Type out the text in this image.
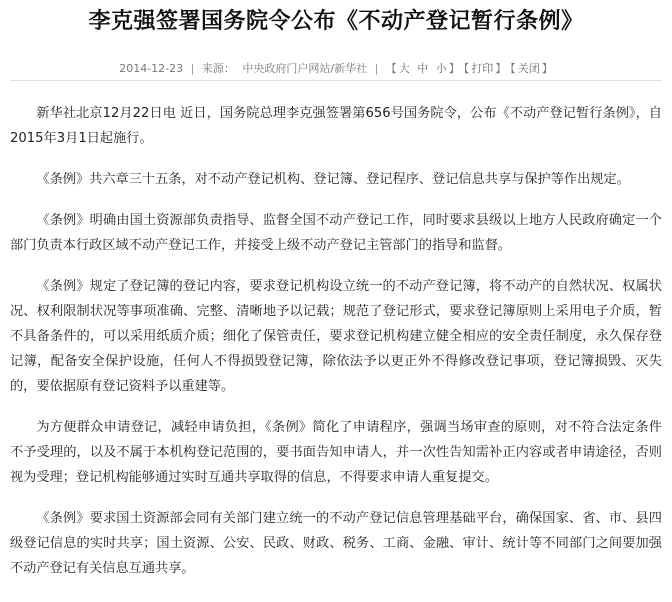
李克强签署国务院令公布《不动产登记暂行条例》
2014-12-23 | 来源： 中央政府门户网站/新华社 | 【 大 中 小 】 【 打印 】 【 关闭 】

新华社北京12月22日电 近日，国务院总理李克强签署第656号国务院令，公布《不动产登记暂行条例》，自2015年3月1日起施行。

《条例》共六章三十五条，对不动产登记机构、登记簿、登记程序、登记信息共享与保护等作出规定。

《条例》明确由国土资源部负责指导、监督全国不动产登记工作，同时要求县级以上地方人民政府确定一个部门负责本行政区域不动产登记工作，并接受上级不动产登记主管部门的指导和监督。

《条例》规定了登记簿的登记内容，要求登记机构设立统一的不动产登记簿，将不动产的自然状况、权属状况、权利限制状况等事项准确、完整、清晰地予以记载；规范了登记形式，要求登记簿原则上采用电子介质，暂不具备条件的，可以采用纸质介质；细化了保管责任，要求登记机构建立健全相应的安全责任制度，永久保存登记簿，配备安全保护设施，任何人不得损毁登记簿，除依法予以更正外不得修改登记事项，登记簿损毁、灭失的，要依据原有登记资料予以重建等。

为方便群众申请登记，减轻申请负担，《条例》简化了申请程序，强调当场审查的原则，对不符合法定条件不予受理的，以及不属于本机构登记范围的，要书面告知申请人，并一次性告知需补正内容或者申请途径，否则视为受理；登记机构能够通过实时互通共享取得的信息，不得要求申请人重复提交。

《条例》要求国土资源部会同有关部门建立统一的不动产登记信息管理基础平台，确保国家、省、市、县四级登记信息的实时共享；国土资源、公安、民政、财政、税务、工商、金融、审计、统计等不同部门之间要加强不动产登记有关信息互通共享。
